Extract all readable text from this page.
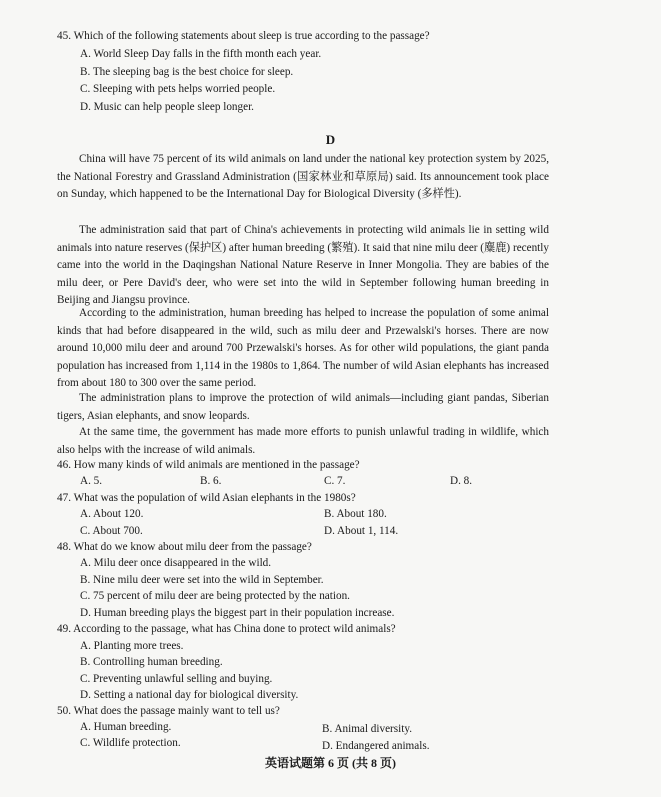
45. Which of the following statements about sleep is true according to the passage?
A. World Sleep Day falls in the fifth month each year.
B. The sleeping bag is the best choice for sleep.
C. Sleeping with pets helps worried people.
D. Music can help people sleep longer.
D
China will have 75 percent of its wild animals on land under the national key protection system by 2025, the National Forestry and Grassland Administration (国家林业和草原局) said. Its announcement took place on Sunday, which happened to be the International Day for Biological Diversity (多样性).
The administration said that part of China's achievements in protecting wild animals lie in setting wild animals into nature reserves (保护区) after human breeding (繁殖). It said that nine milu deer (麋鹿) recently came into the world in the Daqingshan National Nature Reserve in Inner Mongolia. They are babies of the milu deer, or Pere David's deer, who were set into the wild in September following human breeding in Beijing and Jiangsu province.
According to the administration, human breeding has helped to increase the population of some animal kinds that had before disappeared in the wild, such as milu deer and Przewalski's horses. There are now around 10,000 milu deer and around 700 Przewalski's horses. As for other wild populations, the giant panda population has increased from 1,114 in the 1980s to 1,864. The number of wild Asian elephants has increased from about 180 to 300 over the same period.
The administration plans to improve the protection of wild animals—including giant pandas, Siberian tigers, Asian elephants, and snow leopards.
At the same time, the government has made more efforts to punish unlawful trading in wildlife, which also helps with the increase of wild animals.
46. How many kinds of wild animals are mentioned in the passage?
A. 5.	B. 6.	C. 7.	D. 8.
47. What was the population of wild Asian elephants in the 1980s?
A. About 120.	B. About 180.
C. About 700.	D. About 1, 114.
48. What do we know about milu deer from the passage?
A. Milu deer once disappeared in the wild.
B. Nine milu deer were set into the wild in September.
C. 75 percent of milu deer are being protected by the nation.
D. Human breeding plays the biggest part in their population increase.
49. According to the passage, what has China done to protect wild animals?
A. Planting more trees.
B. Controlling human breeding.
C. Preventing unlawful selling and buying.
D. Setting a national day for biological diversity.
50. What does the passage mainly want to tell us?
A. Human breeding.	B. Animal diversity.
C. Wildlife protection.	D. Endangered animals.
英语试题第 6 页 (共 8 页)
